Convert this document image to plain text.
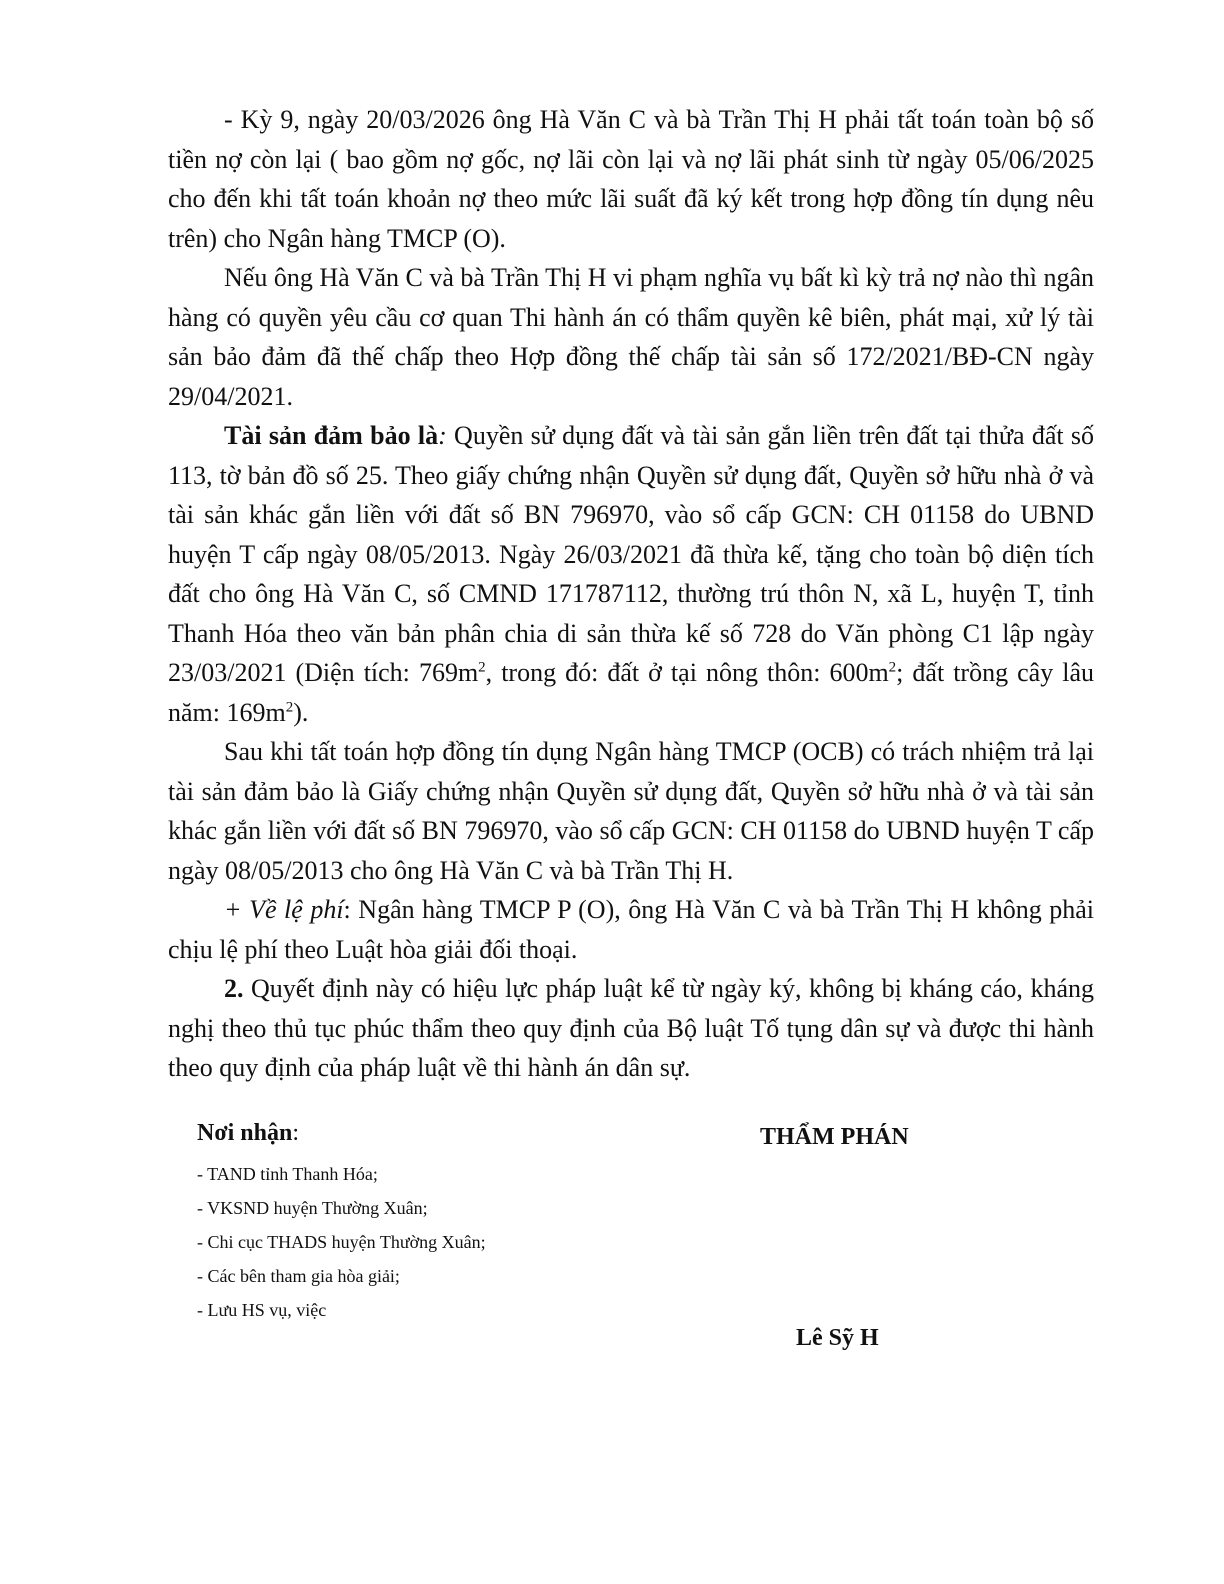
- Kỳ 9, ngày 20/03/2026 ông Hà Văn C và bà Trần Thị H phải tất toán toàn bộ số tiền nợ còn lại ( bao gồm nợ gốc, nợ lãi còn lại và nợ lãi phát sinh từ ngày 05/06/2025 cho đến khi tất toán khoản nợ theo mức lãi suất đã ký kết trong hợp đồng tín dụng nêu trên) cho Ngân hàng TMCP (O).

Nếu ông Hà Văn C và bà Trần Thị H vi phạm nghĩa vụ bất kì kỳ trả nợ nào thì ngân hàng có quyền yêu cầu cơ quan Thi hành án có thẩm quyền kê biên, phát mại, xử lý tài sản bảo đảm đã thế chấp theo Hợp đồng thế chấp tài sản số 172/2021/BĐ-CN ngày 29/04/2021.

Tài sản đảm bảo là: Quyền sử dụng đất và tài sản gắn liền trên đất tại thửa đất số 113, tờ bản đồ số 25. Theo giấy chứng nhận Quyền sử dụng đất, Quyền sở hữu nhà ở và tài sản khác gắn liền với đất số BN 796970, vào sổ cấp GCN: CH 01158 do UBND huyện T cấp ngày 08/05/2013. Ngày 26/03/2021 đã thừa kế, tặng cho toàn bộ diện tích đất cho ông Hà Văn C, số CMND 171787112, thường trú thôn N, xã L, huyện T, tỉnh Thanh Hóa theo văn bản phân chia di sản thừa kế số 728 do Văn phòng C1 lập ngày 23/03/2021 (Diện tích: $769m^2$, trong đó: đất ở tại nông thôn: $600m^2$; đất trồng cây lâu năm: $169m^2$).

Sau khi tất toán hợp đồng tín dụng Ngân hàng TMCP (OCB) có trách nhiệm trả lại tài sản đảm bảo là Giấy chứng nhận Quyền sử dụng đất, Quyền sở hữu nhà ở và tài sản khác gắn liền với đất số BN 796970, vào sổ cấp GCN: CH 01158 do UBND huyện T cấp ngày 08/05/2013 cho ông Hà Văn C và bà Trần Thị H.

+ Về lệ phí: Ngân hàng TMCP P (O), ông Hà Văn C và bà Trần Thị H không phải chịu lệ phí theo Luật hòa giải đối thoại.

2. Quyết định này có hiệu lực pháp luật kể từ ngày ký, không bị kháng cáo, kháng nghị theo thủ tục phúc thẩm theo quy định của Bộ luật Tố tụng dân sự và được thi hành theo quy định của pháp luật về thi hành án dân sự.

Nơi nhận:

- TAND tỉnh Thanh Hóa;

- VKSND huyện Thường Xuân;

- Chi cục THADS huyện Thường Xuân;

- Các bên tham gia hòa giải;

- Lưu HS vụ, việc

THẨM PHÁN
Lê Sỹ H
